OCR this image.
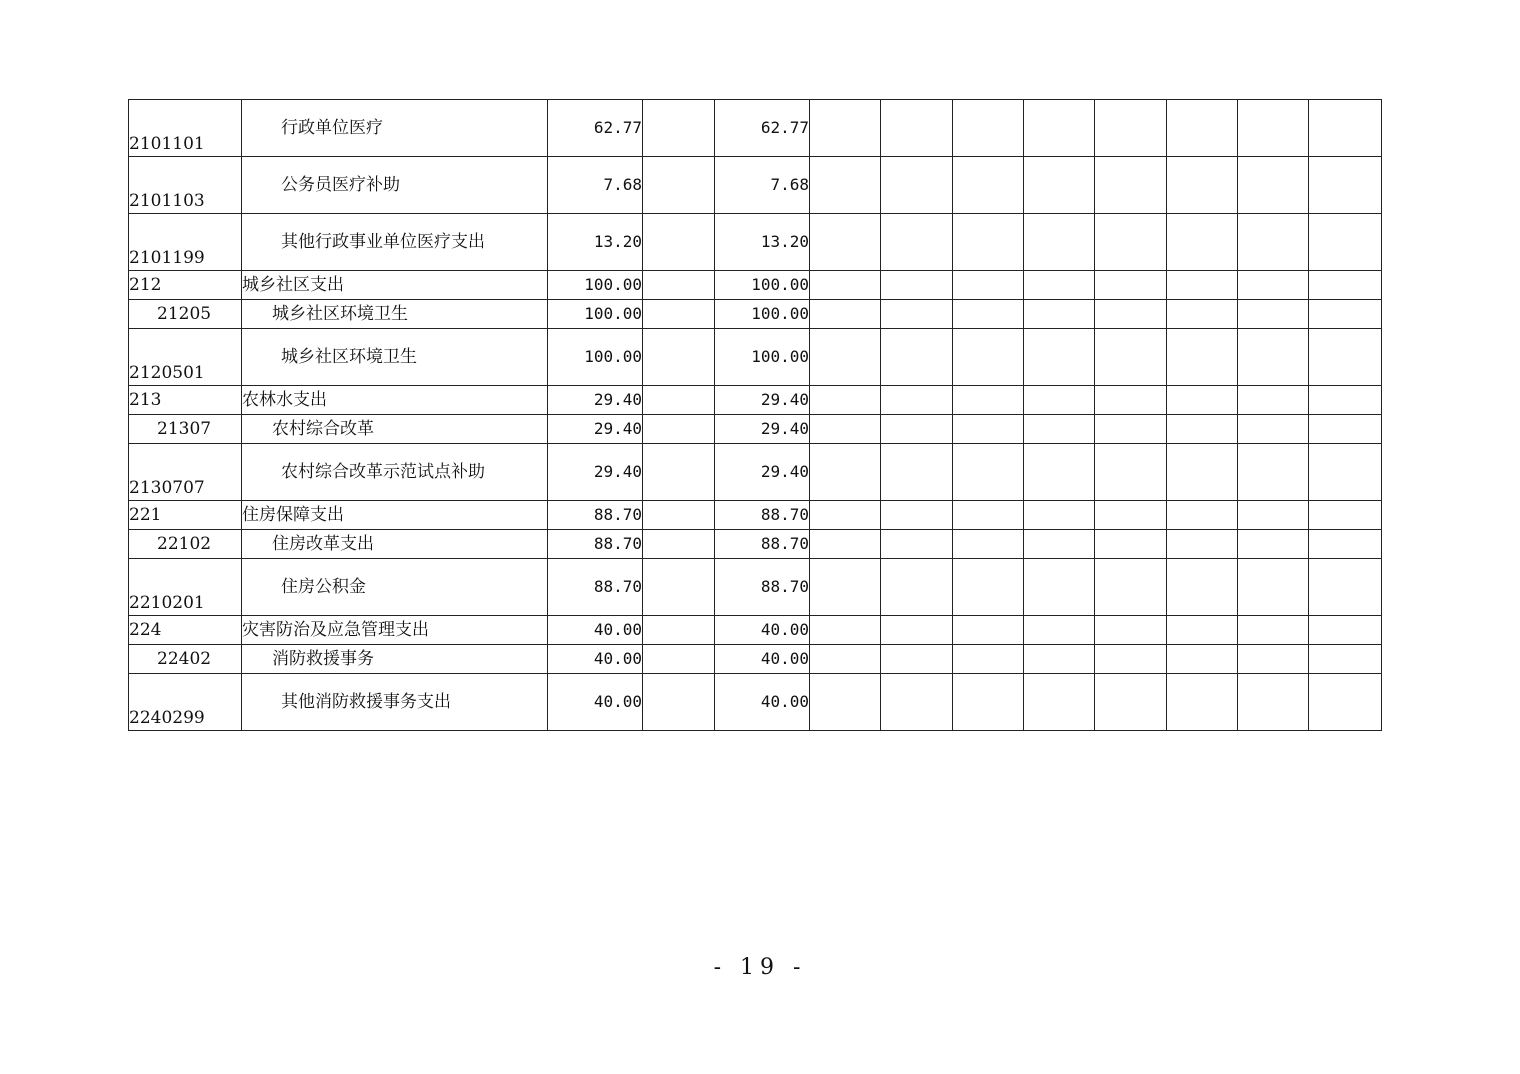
2101101	行政单位医疗	62.77		62.77								
2101103	公务员医疗补助	7.68		7.68								
2101199	其他行政事业单位医疗支出	13.20		13.20								
212	城乡社区支出	100.00		100.00								
21205	城乡社区环境卫生	100.00		100.00								
2120501	城乡社区环境卫生	100.00		100.00								
213	农林水支出	29.40		29.40								
21307	农村综合改革	29.40		29.40								
2130707	农村综合改革示范试点补助	29.40		29.40								
221	住房保障支出	88.70		88.70								
22102	住房改革支出	88.70		88.70								
2210201	住房公积金	88.70		88.70								
224	灾害防治及应急管理支出	40.00		40.00								
22402	消防救援事务	40.00		40.00								
2240299	其他消防救援事务支出	40.00		40.00								
- 19 -
